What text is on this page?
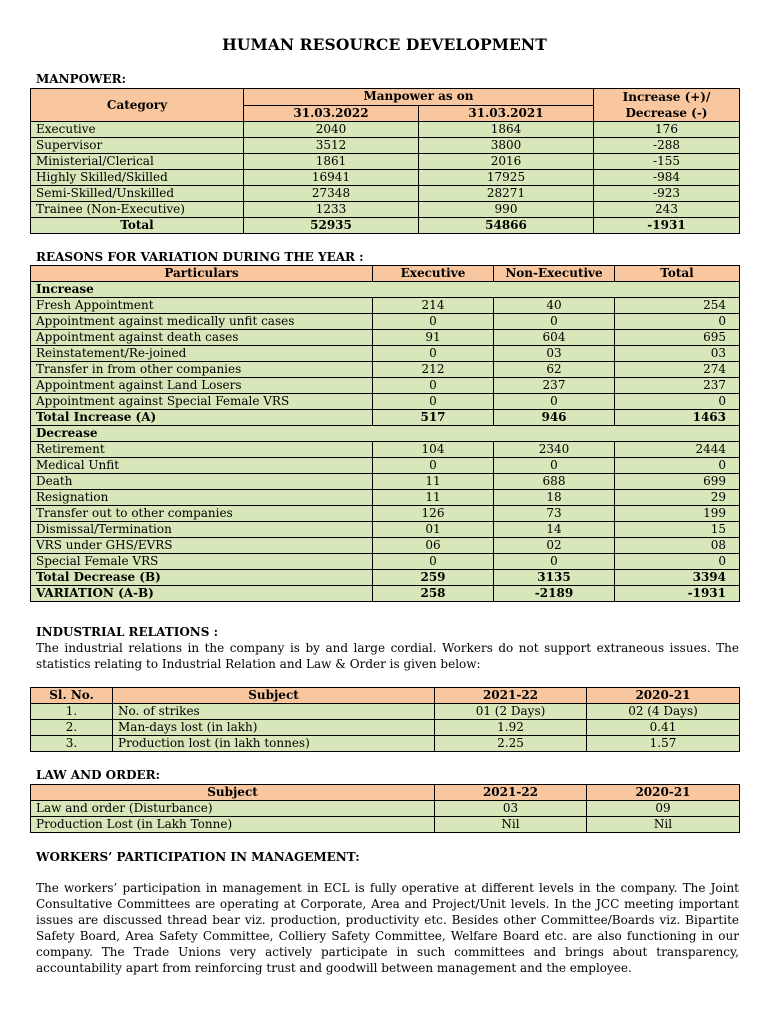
HUMAN RESOURCE DEVELOPMENT
MANPOWER:
Category	Manpower as on		Increase (+)/
Decrease (-)
	31.03.2022	31.03.2021	
Executive	2040	1864	176
Supervisor	3512	3800	-288
Ministerial/Clerical	1861	2016	-155
Highly Skilled/Skilled	16941	17925	-984
Semi-Skilled/Unskilled	27348	28271	-923
Trainee (Non-Executive)	1233	990	243
Total	52935	54866	-1931
REASONS FOR VARIATION DURING THE YEAR :
Particulars	Executive	Non-Executive	Total
Increase			
Fresh Appointment	214	40	254
Appointment against medically unfit cases	0	0	0
Appointment against death cases	91	604	695
Reinstatement/Re-joined	0	03	03
Transfer in from other companies	212	62	274
Appointment against Land Losers	0	237	237
Appointment against Special Female VRS	0	0	0
Total Increase (A)	517	946	1463
Decrease			
Retirement	104	2340	2444
Medical Unfit	0	0	0
Death	11	688	699
Resignation	11	18	29
Transfer out to other companies	126	73	199
Dismissal/Termination	01	14	15
VRS under GHS/EVRS	06	02	08
Special Female VRS	0	0	0
Total Decrease (B)	259	3135	3394
VARIATION (A-B)	258	-2189	-1931
INDUSTRIAL RELATIONS :

The industrial relations in the company is by and large cordial. Workers do not support extraneous issues. The statistics relating to Industrial Relation and Law & Order is given below:

Sl. No.	Subject	2021-22	2020-21
1.	No. of strikes	01 (2 Days)	02 (4 Days)
2.	Man-days lost (in lakh)	1.92	0.41
3.	Production lost (in lakh tonnes)	2.25	1.57
LAW AND ORDER:
Subject	2021-22	2020-21
Law and order (Disturbance)	03	09
Production Lost (in Lakh Tonne)	Nil	Nil
WORKERS’ PARTICIPATION IN MANAGEMENT:

The workers’ participation in management in ECL is fully operative at different levels in the company. The Joint Consultative Committees are operating at Corporate, Area and Project/Unit levels. In the JCC meeting important issues are discussed thread bear viz. production, productivity etc. Besides other Committee/Boards viz. Bipartite Safety Board, Area Safety Committee, Colliery Safety Committee, Welfare Board etc. are also functioning in our company. The Trade Unions very actively participate in such committees and brings about transparency, accountability apart from reinforcing trust and goodwill between management and the employee.
